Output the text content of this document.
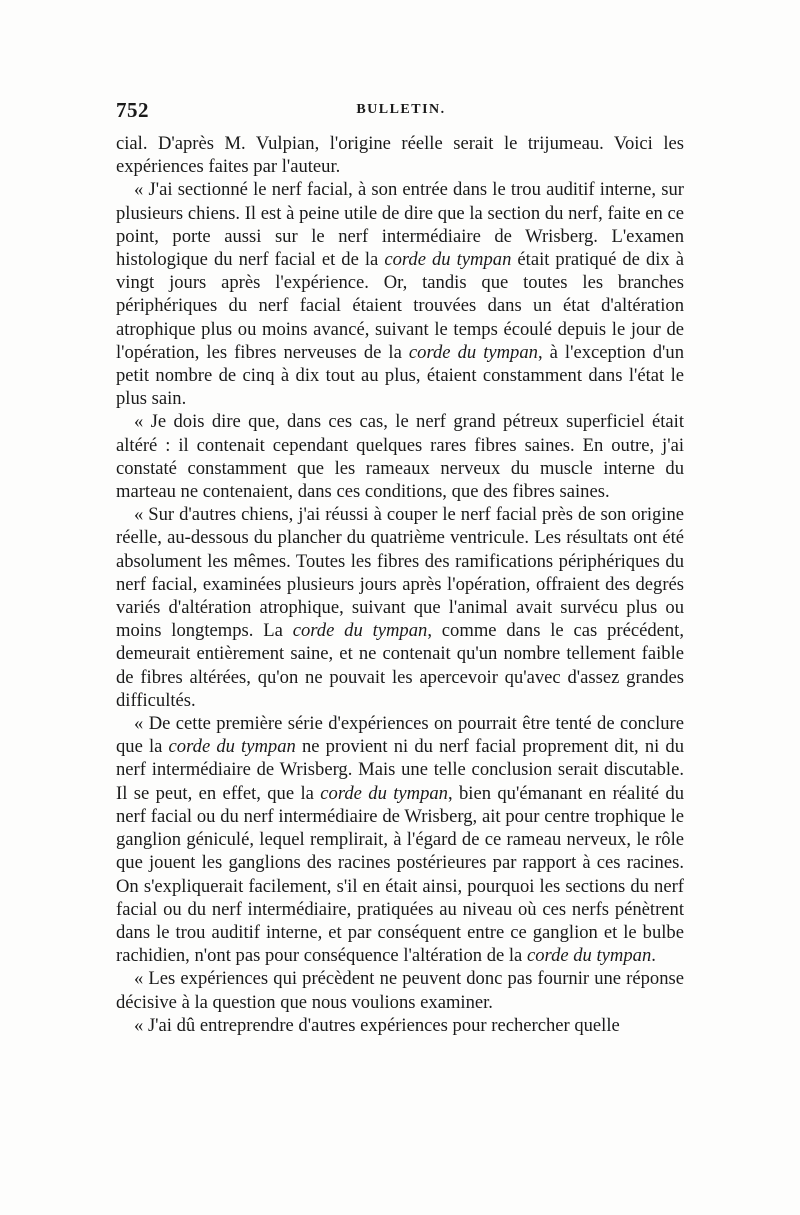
752	BULLETIN.

cial. D'après M. Vulpian, l'origine réelle serait le trijumeau. Voici les expériences faites par l'auteur.

« J'ai sectionné le nerf facial, à son entrée dans le trou auditif interne, sur plusieurs chiens. Il est à peine utile de dire que la section du nerf, faite en ce point, porte aussi sur le nerf intermédiaire de Wrisberg. L'examen histologique du nerf facial et de la corde du tympan était pratiqué de dix à vingt jours après l'expérience. Or, tandis que toutes les branches périphériques du nerf facial étaient trouvées dans un état d'altération atrophique plus ou moins avancé, suivant le temps écoulé depuis le jour de l'opération, les fibres nerveuses de la corde du tympan, à l'exception d'un petit nombre de cinq à dix tout au plus, étaient constamment dans l'état le plus sain.

« Je dois dire que, dans ces cas, le nerf grand pétreux superficiel était altéré : il contenait cependant quelques rares fibres saines. En outre, j'ai constaté constamment que les rameaux nerveux du muscle interne du marteau ne contenaient, dans ces conditions, que des fibres saines.

« Sur d'autres chiens, j'ai réussi à couper le nerf facial près de son origine réelle, au-dessous du plancher du quatrième ventricule. Les résultats ont été absolument les mêmes. Toutes les fibres des ramifications périphériques du nerf facial, examinées plusieurs jours après l'opération, offraient des degrés variés d'altération atrophique, suivant que l'animal avait survécu plus ou moins longtemps. La corde du tympan, comme dans le cas précédent, demeurait entièrement saine, et ne contenait qu'un nombre tellement faible de fibres altérées, qu'on ne pouvait les apercevoir qu'avec d'assez grandes difficultés.

« De cette première série d'expériences on pourrait être tenté de conclure que la corde du tympan ne provient ni du nerf facial proprement dit, ni du nerf intermédiaire de Wrisberg. Mais une telle conclusion serait discutable. Il se peut, en effet, que la corde du tympan, bien qu'émanant en réalité du nerf facial ou du nerf intermédiaire de Wrisberg, ait pour centre trophique le ganglion géniculé, lequel remplirait, à l'égard de ce rameau nerveux, le rôle que jouent les ganglions des racines postérieures par rapport à ces racines. On s'expliquerait facilement, s'il en était ainsi, pourquoi les sections du nerf facial ou du nerf intermédiaire, pratiquées au niveau où ces nerfs pénètrent dans le trou auditif interne, et par conséquent entre ce ganglion et le bulbe rachidien, n'ont pas pour conséquence l'altération de la corde du tympan.

« Les expériences qui précèdent ne peuvent donc pas fournir une réponse décisive à la question que nous voulions examiner.

« J'ai dû entreprendre d'autres expériences pour rechercher quelle
